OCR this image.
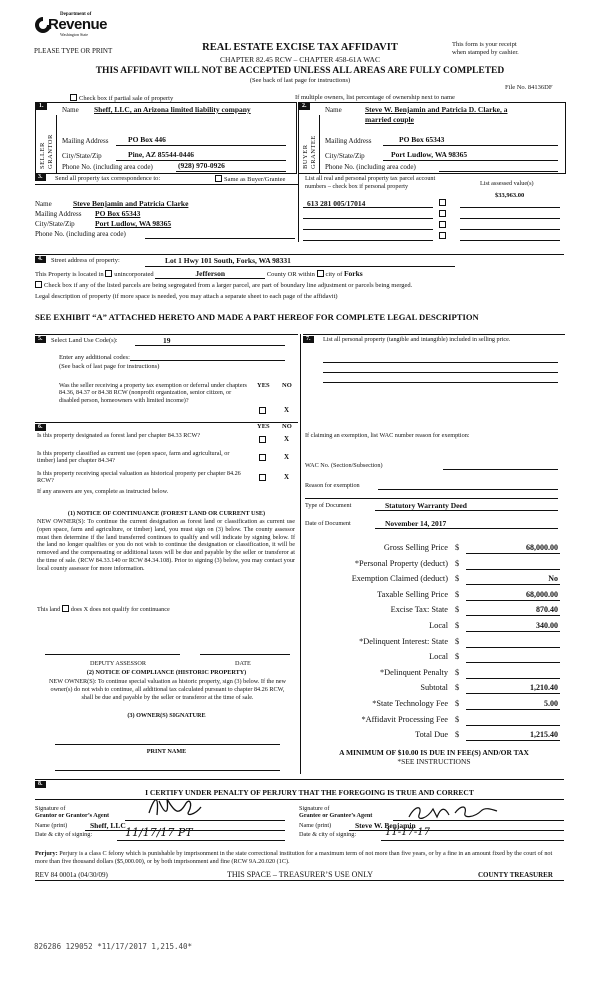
Department of
Revenue
Washington State
PLEASE TYPE OR PRINT	REAL ESTATE EXCISE TAX AFFIDAVIT
CHAPTER 82.45 RCW – CHAPTER 458-61A WAC
This form is your receipt
when stamped by cashier.
THIS AFFIDAVIT WILL NOT BE ACCEPTED UNLESS ALL AREAS ARE FULLY COMPLETED
(See back of last page for instructions)
File No. 84136DF
Check box if partial sale of property	If multiple owners, list percentage of ownership next to name
1.
SELLER GRANTOR
Name Sheff, LLC, an Arizona limited liability company
Mailing Address	PO Box 446
City/State/Zip	Pine, AZ 85544-0446
Phone No. (including area code)	(928) 970-0926
2.
BUYER GRANTEE
Name	Steve W. Benjamin and Patricia D. Clarke, a
married couple
Mailing Address	PO Box 65343
City/State/Zip	Port Ludlow, WA 98365
Phone No. (including area code)
3.	Send all property tax correspondence to:	Same as Buyer/Grantee
Name	Steve Benjamin and Patricia Clarke
Mailing Address PO Box 65343
City/State/Zip	Port Ludlow, WA 98365
Phone No. (including area code)
List all real and personal property tax parcel account
numbers – check box if personal property	List assessed value(s)
$33,963.00
613 281 005/17014
4.	Street address of property:	Lot 1 Hwy 101 South, Forks, WA 98331
This Property is located in unincorporated	Jefferson	County OR within city of Forks
Check box if any of the listed parcels are being segregated from a larger parcel, are part of boundary line adjustment or parcels being merged.
Legal description of property (if more space is needed, you may attach a separate sheet to each page of the affidavit)
SEE EXHIBIT “A” ATTACHED HERETO AND MADE A PART HEREOF FOR COMPLETE LEGAL DESCRIPTION
5.	Select Land Use Code(s):	19
Enter any additional codes:
(See back of last page for instructions)
YES NO
Was the seller receiving a property tax exemption or deferral under chapters 84.36, 84.37 or 84.38 RCW (nonprofit organization, senior citizen, or disabled person, homeowners with limited income)?
X
6.	YES NO
Is this property designated as forest land per chapter 84.33 RCW?	X
Is this property classified as current use (open space, farm and agricultural, or timber) land per chapter 84.34?	X
Is this property receiving special valuation as historical property per chapter 84.26 RCW?	X
If any answers are yes, complete as instructed below.
(1) NOTICE OF CONTINUANCE (FOREST LAND OR CURRENT USE)
NEW OWNER(S): To continue the current designation as forest land or classification as current use (open space, farm and agriculture, or timber) land, you must sign on (3) below. The county assessor must then determine if the land transferred continues to qualify and will indicate by signing below. If the land no longer qualifies or you do not wish to continue the designation or classification, it will be removed and the compensating or additional taxes will be due and payable by the seller or transferor at the time of sale. (RCW 84.33.140 or RCW 84.34.108). Prior to signing (3) below, you may contact your local county assessor for more information.
This land does X does not qualify for continuance
DEPUTY ASSESSOR	DATE
(2) NOTICE OF COMPLIANCE (HISTORIC PROPERTY)
NEW OWNER(S): To continue special valuation as historic property, sign (3) below. If the new owner(s) do not wish to continue, all additional tax calculated pursuant to chapter 84.26 RCW, shall be due and payable by the seller or transferor at the time of sale.
(3) OWNER(S) SIGNATURE
PRINT NAME
7.	List all personal property (tangible and intangible) included in selling price.
If claiming an exemption, list WAC number reason for exemption:
WAC No. (Section/Subsection)
Reason for exemption
Type of Document	Statutory Warranty Deed
Date of Document	November 14, 2017
Gross Selling Price $	68,000.00
*Personal Property (deduct) $
Exemption Claimed (deduct) $	No
Taxable Selling Price $	68,000.00
Excise Tax: State $	870.40
Local $	340.00
*Delinquent Interest: State $
Local $
*Delinquent Penalty $
Subtotal $	1,210.40
*State Technology Fee $	5.00
*Affidavit Processing Fee $
Total Due $	1,215.40
A MINIMUM OF $10.00 IS DUE IN FEE(S) AND/OR TAX
*SEE INSTRUCTIONS
8.
I CERTIFY UNDER PENALTY OF PERJURY THAT THE FOREGOING IS TRUE AND CORRECT
Signature of
Grantor or Grantor’s Agent
Name (print)	Sheff, LLC
Date & city of signing:	11/17/17 PT
Signature of
Grantee or Grantee’s Agent
Name (print)	Steve W. Benjamin
Date & city of signing:	11-17-17
Perjury: Perjury is a class C felony which is punishable by imprisonment in the state correctional institution for a maximum term of not more than five years, or by a fine in an amount fixed by the court of not more than five thousand dollars ($5,000.00), or by both imprisonment and fine (RCW 9A.20.020 (1C).
REV 84 0001a (04/30/09)	THIS SPACE – TREASURER’S USE ONLY	COUNTY TREASURER
826286 129052 *11/17/2017 1,215.40*
